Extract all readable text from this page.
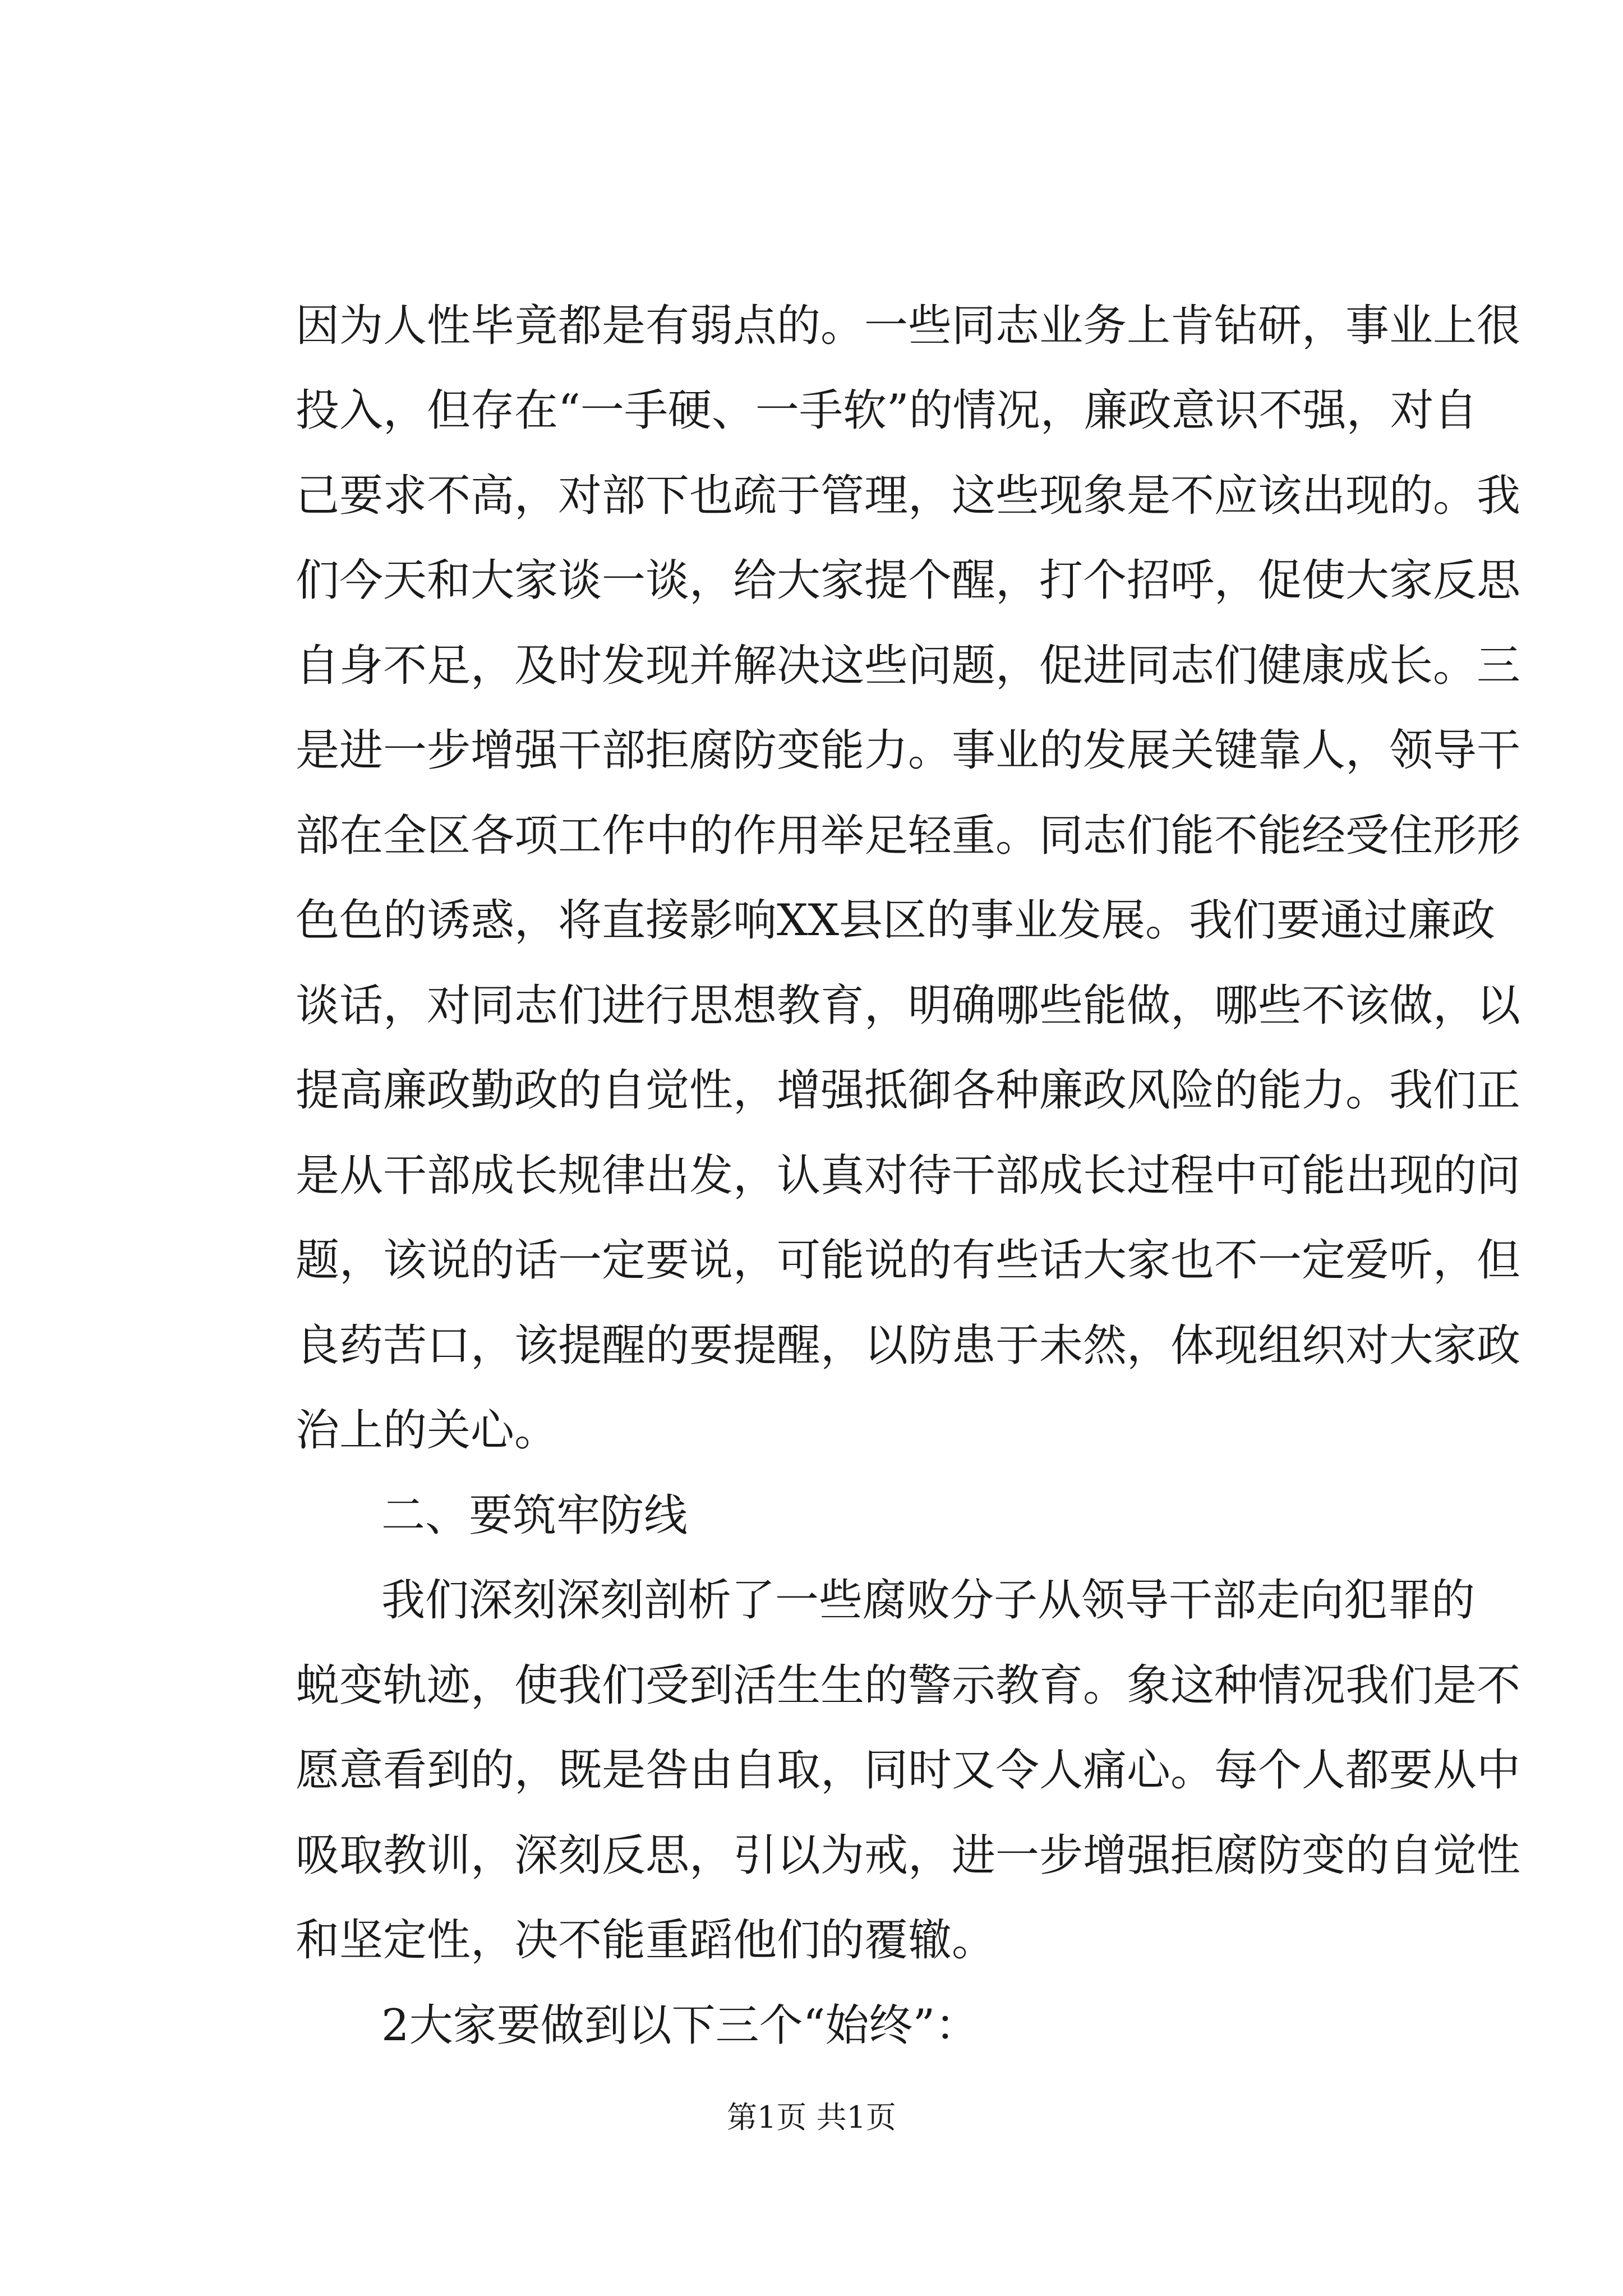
因为人性毕竟都是有弱点的。一些同志业务上肯钻研，事业上很
投入，但存在“一手硬、一手软”的情况，廉政意识不强，对自
己要求不高，对部下也疏于管理，这些现象是不应该出现的。我
们今天和大家谈一谈，给大家提个醒，打个招呼，促使大家反思
自身不足，及时发现并解决这些问题，促进同志们健康成长。三
是进一步增强干部拒腐防变能力。事业的发展关键靠人，领导干
部在全区各项工作中的作用举足轻重。同志们能不能经受住形形
色色的诱惑，将直接影响XX县区的事业发展。我们要通过廉政
谈话，对同志们进行思想教育，明确哪些能做，哪些不该做，以
提高廉政勤政的自觉性，增强抵御各种廉政风险的能力。我们正
是从干部成长规律出发，认真对待干部成长过程中可能出现的问
题，该说的话一定要说，可能说的有些话大家也不一定爱听，但
良药苦口，该提醒的要提醒，以防患于未然，体现组织对大家政
治上的关心。
二、要筑牢防线
我们深刻深刻剖析了一些腐败分子从领导干部走向犯罪的
蜕变轨迹，使我们受到活生生的警示教育。象这种情况我们是不
愿意看到的，既是咎由自取，同时又令人痛心。每个人都要从中
吸取教训，深刻反思，引以为戒，进一步增强拒腐防变的自觉性
和坚定性，决不能重蹈他们的覆辙。
2大家要做到以下三个“始终”：
第1页 共1页
